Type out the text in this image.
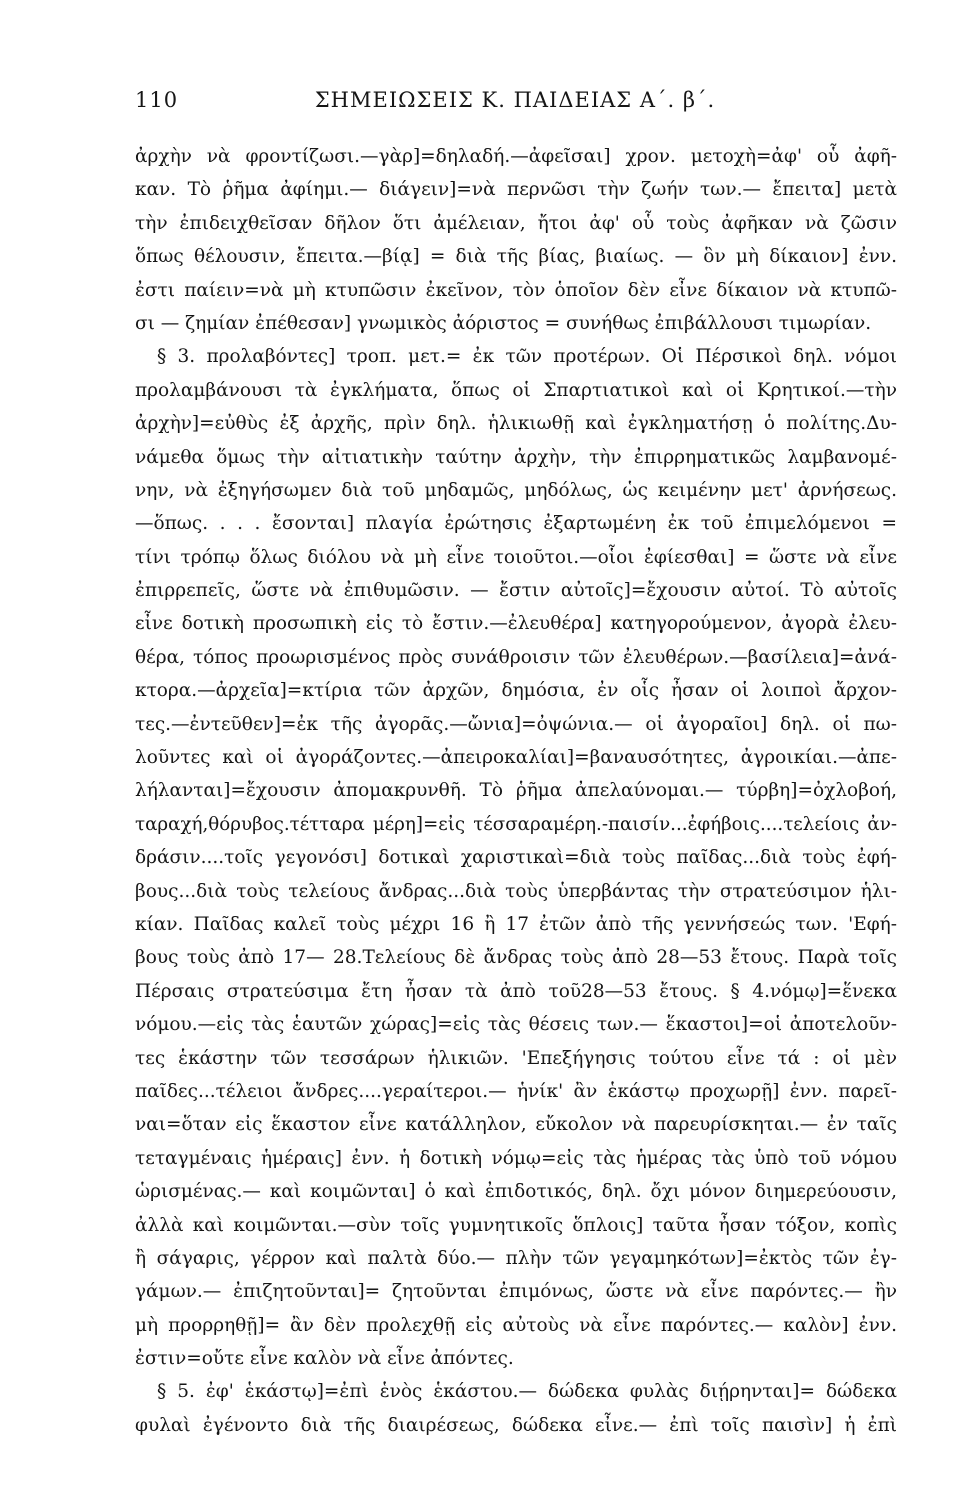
110	ΣΗΜΕΙΩΣΕΙΣ Κ. ΠΑΙΔΕΙΑΣ Α΄. β΄.
ἀρχὴν νὰ φροντίζωσι.—γὰρ]=δηλαδή.—ἀφεῖσαι] χρον. μετοχὴ=ἀφ' οὗ ἀφῆ-
καν. Τὸ ῥῆμα ἀφίημι.— διάγειν]=νὰ περνῶσι τὴν ζωήν των.— ἔπειτα] μετὰ
τὴν ἐπιδειχθεῖσαν δῆλον ὅτι ἀμέλειαν, ἤτοι ἀφ' οὗ τοὺς ἀφῆκαν νὰ ζῶσιν
ὅπως θέλουσιν, ἔπειτα.—βίᾳ] = διὰ τῆς βίας, βιαίως. — ὃν μὴ δίκαιον] ἐνν.
ἐστι παίειν=νὰ μὴ κτυπῶσιν ἐκεῖνον, τὸν ὁποῖον δὲν εἶνε δίκαιον νὰ κτυπῶ-
σι — ζημίαν ἐπέθεσαν] γνωμικὸς ἀόριστος = συνήθως ἐπιβάλλουσι τιμωρίαν.
§ 3. προλαβόντες] τροπ. μετ.= ἐκ τῶν προτέρων. Οἱ Πέρσικοὶ δηλ. νόμοι
προλαμβάνουσι τὰ ἐγκλήματα, ὅπως οἱ Σπαρτιατικοὶ καὶ οἱ Κρητικοί.—τὴν
ἀρχὴν]=εὐθὺς ἐξ ἀρχῆς, πρὶν δηλ. ἡλικιωθῇ καὶ ἐγκληματήσῃ ὁ πολίτης.Δυ-
νάμεθα ὅμως τὴν αἰτιατικὴν ταύτην ἀρχὴν, τὴν ἐπιρρηματικῶς λαμβανομέ-
νην, νὰ ἐξηγήσωμεν διὰ τοῦ μηδαμῶς, μηδόλως, ὡς κειμένην μετ' ἀρνήσεως.
—ὅπως. . . . ἔσονται] πλαγία ἐρώτησις ἐξαρτωμένη ἐκ τοῦ ἐπιμελόμενοι =
τίνι τρόπῳ ὅλως διόλου νὰ μὴ εἶνε τοιοῦτοι.—οἷοι ἐφίεσθαι] = ὥστε νὰ εἶνε
ἐπιρρεπεῖς, ὥστε νὰ ἐπιθυμῶσιν. — ἔστιν αὐτοῖς]=ἔχουσιν αὐτοί. Τὸ αὐτοῖς
εἶνε δοτικὴ προσωπικὴ εἰς τὸ ἔστιν.—ἐλευθέρα] κατηγορούμενον, ἀγορὰ ἐλευ-
θέρα, τόπος προωρισμένος πρὸς συνάθροισιν τῶν ἐλευθέρων.—βασίλεια]=ἀνά-
κτορα.—ἀρχεῖα]=κτίρια τῶν ἀρχῶν, δημόσια, ἐν οἷς ἦσαν οἱ λοιποὶ ἄρχον-
τες.—ἐντεῦθεν]=ἐκ τῆς ἀγορᾶς.—ὤνια]=ὀψώνια.— οἱ ἀγοραῖοι] δηλ. οἱ πω-
λοῦντες καὶ οἱ ἀγοράζοντες.—ἀπειροκαλίαι]=βαναυσότητες, ἀγροικίαι.—ἀπε-
λήλανται]=ἔχουσιν ἀπομακρυνθῆ. Τὸ ῥῆμα ἀπελαύνομαι.— τύρβη]=ὀχλοβοή,
ταραχή,θόρυβος.τέτταρα μέρη]=εἰς τέσσαραμέρη.-παισίν...ἐφήβοις....τελείοις ἀν-
δράσιν....τοῖς γεγονόσι] δοτικαὶ χαριστικαὶ=διὰ τοὺς παῖδας...διὰ τοὺς ἐφή-
βους...διὰ τοὺς τελείους ἄνδρας...διὰ τοὺς ὑπερβάντας τὴν στρατεύσιμον ἡλι-
κίαν. Παῖδας καλεῖ τοὺς μέχρι 16 ἢ 17 ἐτῶν ἀπὸ τῆς γεννήσεώς των. 'Εφή-
βους τοὺς ἀπὸ 17— 28.Τελείους δὲ ἄνδρας τοὺς ἀπὸ 28—53 ἔτους. Παρὰ τοῖς
Πέρσαις στρατεύσιμα ἔτη ἦσαν τὰ ἀπὸ τοῦ28—53 ἔτους. § 4.νόμῳ]=ἕνεκα
νόμου.—εἰς τὰς ἑαυτῶν χώρας]=εἰς τὰς θέσεις των.— ἕκαστοι]=οἱ ἀποτελοῦν-
τες ἑκάστην τῶν τεσσάρων ἡλικιῶν. 'Επεξήγησις τούτου εἶνε τά : οἱ μὲν
παῖδες...τέλειοι ἄνδρες....γεραίτεροι.— ἡνίκ' ἂν ἑκάστῳ προχωρῇ] ἐνν. παρεῖ-
ναι=ὅταν εἰς ἕκαστον εἶνε κατάλληλον, εὔκολον νὰ παρευρίσκηται.— ἐν ταῖς
τεταγμέναις ἡμέραις] ἐνν. ἡ δοτικὴ νόμῳ=εἰς τὰς ἡμέρας τὰς ὑπὸ τοῦ νόμου
ὡρισμένας.— καὶ κοιμῶνται] ὁ καὶ ἐπιδοτικός, δηλ. ὄχι μόνον διημερεύουσιν,
ἀλλὰ καὶ κοιμῶνται.—σὺν τοῖς γυμνητικοῖς ὅπλοις] ταῦτα ἦσαν τόξον, κοπὶς
ἢ σάγαρις, γέρρον καὶ παλτὰ δύο.— πλὴν τῶν γεγαμηκότων]=ἐκτὸς τῶν ἐγ-
γάμων.— ἐπιζητοῦνται]= ζητοῦνται ἐπιμόνως, ὥστε νὰ εἶνε παρόντες.— ἢν
μὴ προρρηθῇ]= ἂν δὲν προλεχθῇ εἰς αὐτοὺς νὰ εἶνε παρόντες.— καλὸν] ἐνν.
ἐστιν=οὔτε εἶνε καλὸν νὰ εἶνε ἀπόντες.
§ 5. ἐφ' ἑκάστῳ]=ἐπὶ ἑνὸς ἑκάστου.— δώδεκα φυλὰς διῄρηνται]= δώδεκα
φυλαὶ ἐγένοντο διὰ τῆς διαιρέσεως, δώδεκα εἶνε.— ἐπὶ τοῖς παισὶν] ἡ ἐπὶ
